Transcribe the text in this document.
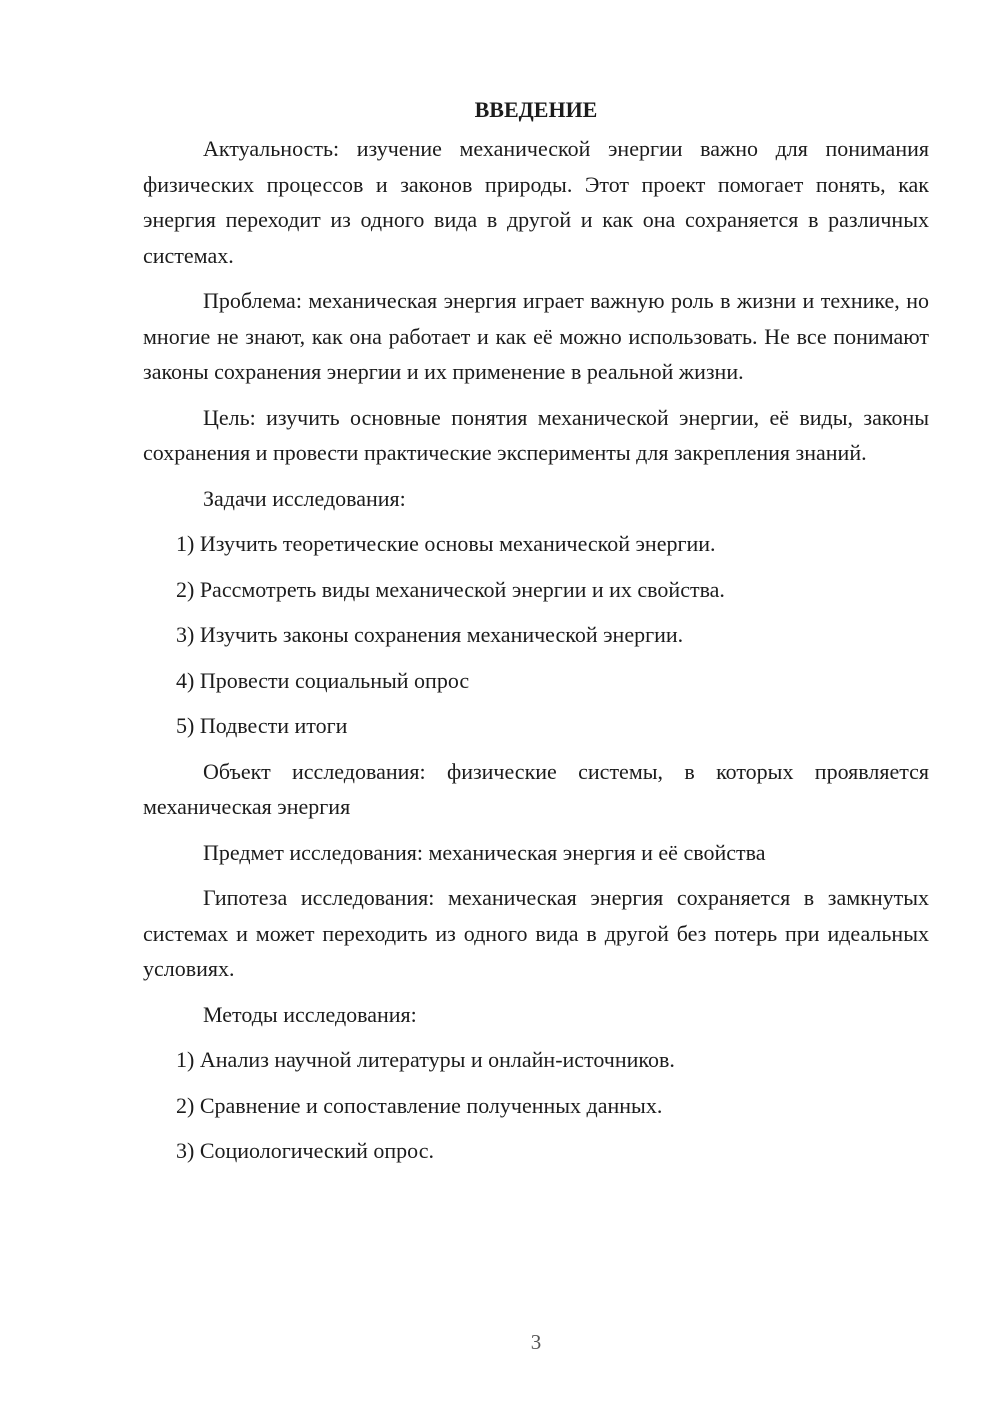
ВВЕДЕНИЕ
Актуальность: изучение механической энергии важно для понимания физических процессов и законов природы. Этот проект помогает понять, как энергия переходит из одного вида в другой и как она сохраняется в различных системах.
Проблема: механическая энергия играет важную роль в жизни и технике, но многие не знают, как она работает и как её можно использовать. Не все понимают законы сохранения энергии и их применение в реальной жизни.
Цель: изучить основные понятия механической энергии, её виды, законы сохранения и провести практические эксперименты для закрепления знаний.
Задачи исследования:
1) Изучить теоретические основы механической энергии.
2) Рассмотреть виды механической энергии и их свойства.
3) Изучить законы сохранения механической энергии.
4) Провести социальный опрос
5) Подвести итоги
Объект исследования: физические системы, в которых проявляется механическая энергия
Предмет исследования: механическая энергия и её свойства
Гипотеза исследования: механическая энергия сохраняется в замкнутых системах и может переходить из одного вида в другой без потерь при идеальных условиях.
Методы исследования:
1) Анализ научной литературы и онлайн-источников.
2) Сравнение и сопоставление полученных данных.
3) Социологический опрос.
3
